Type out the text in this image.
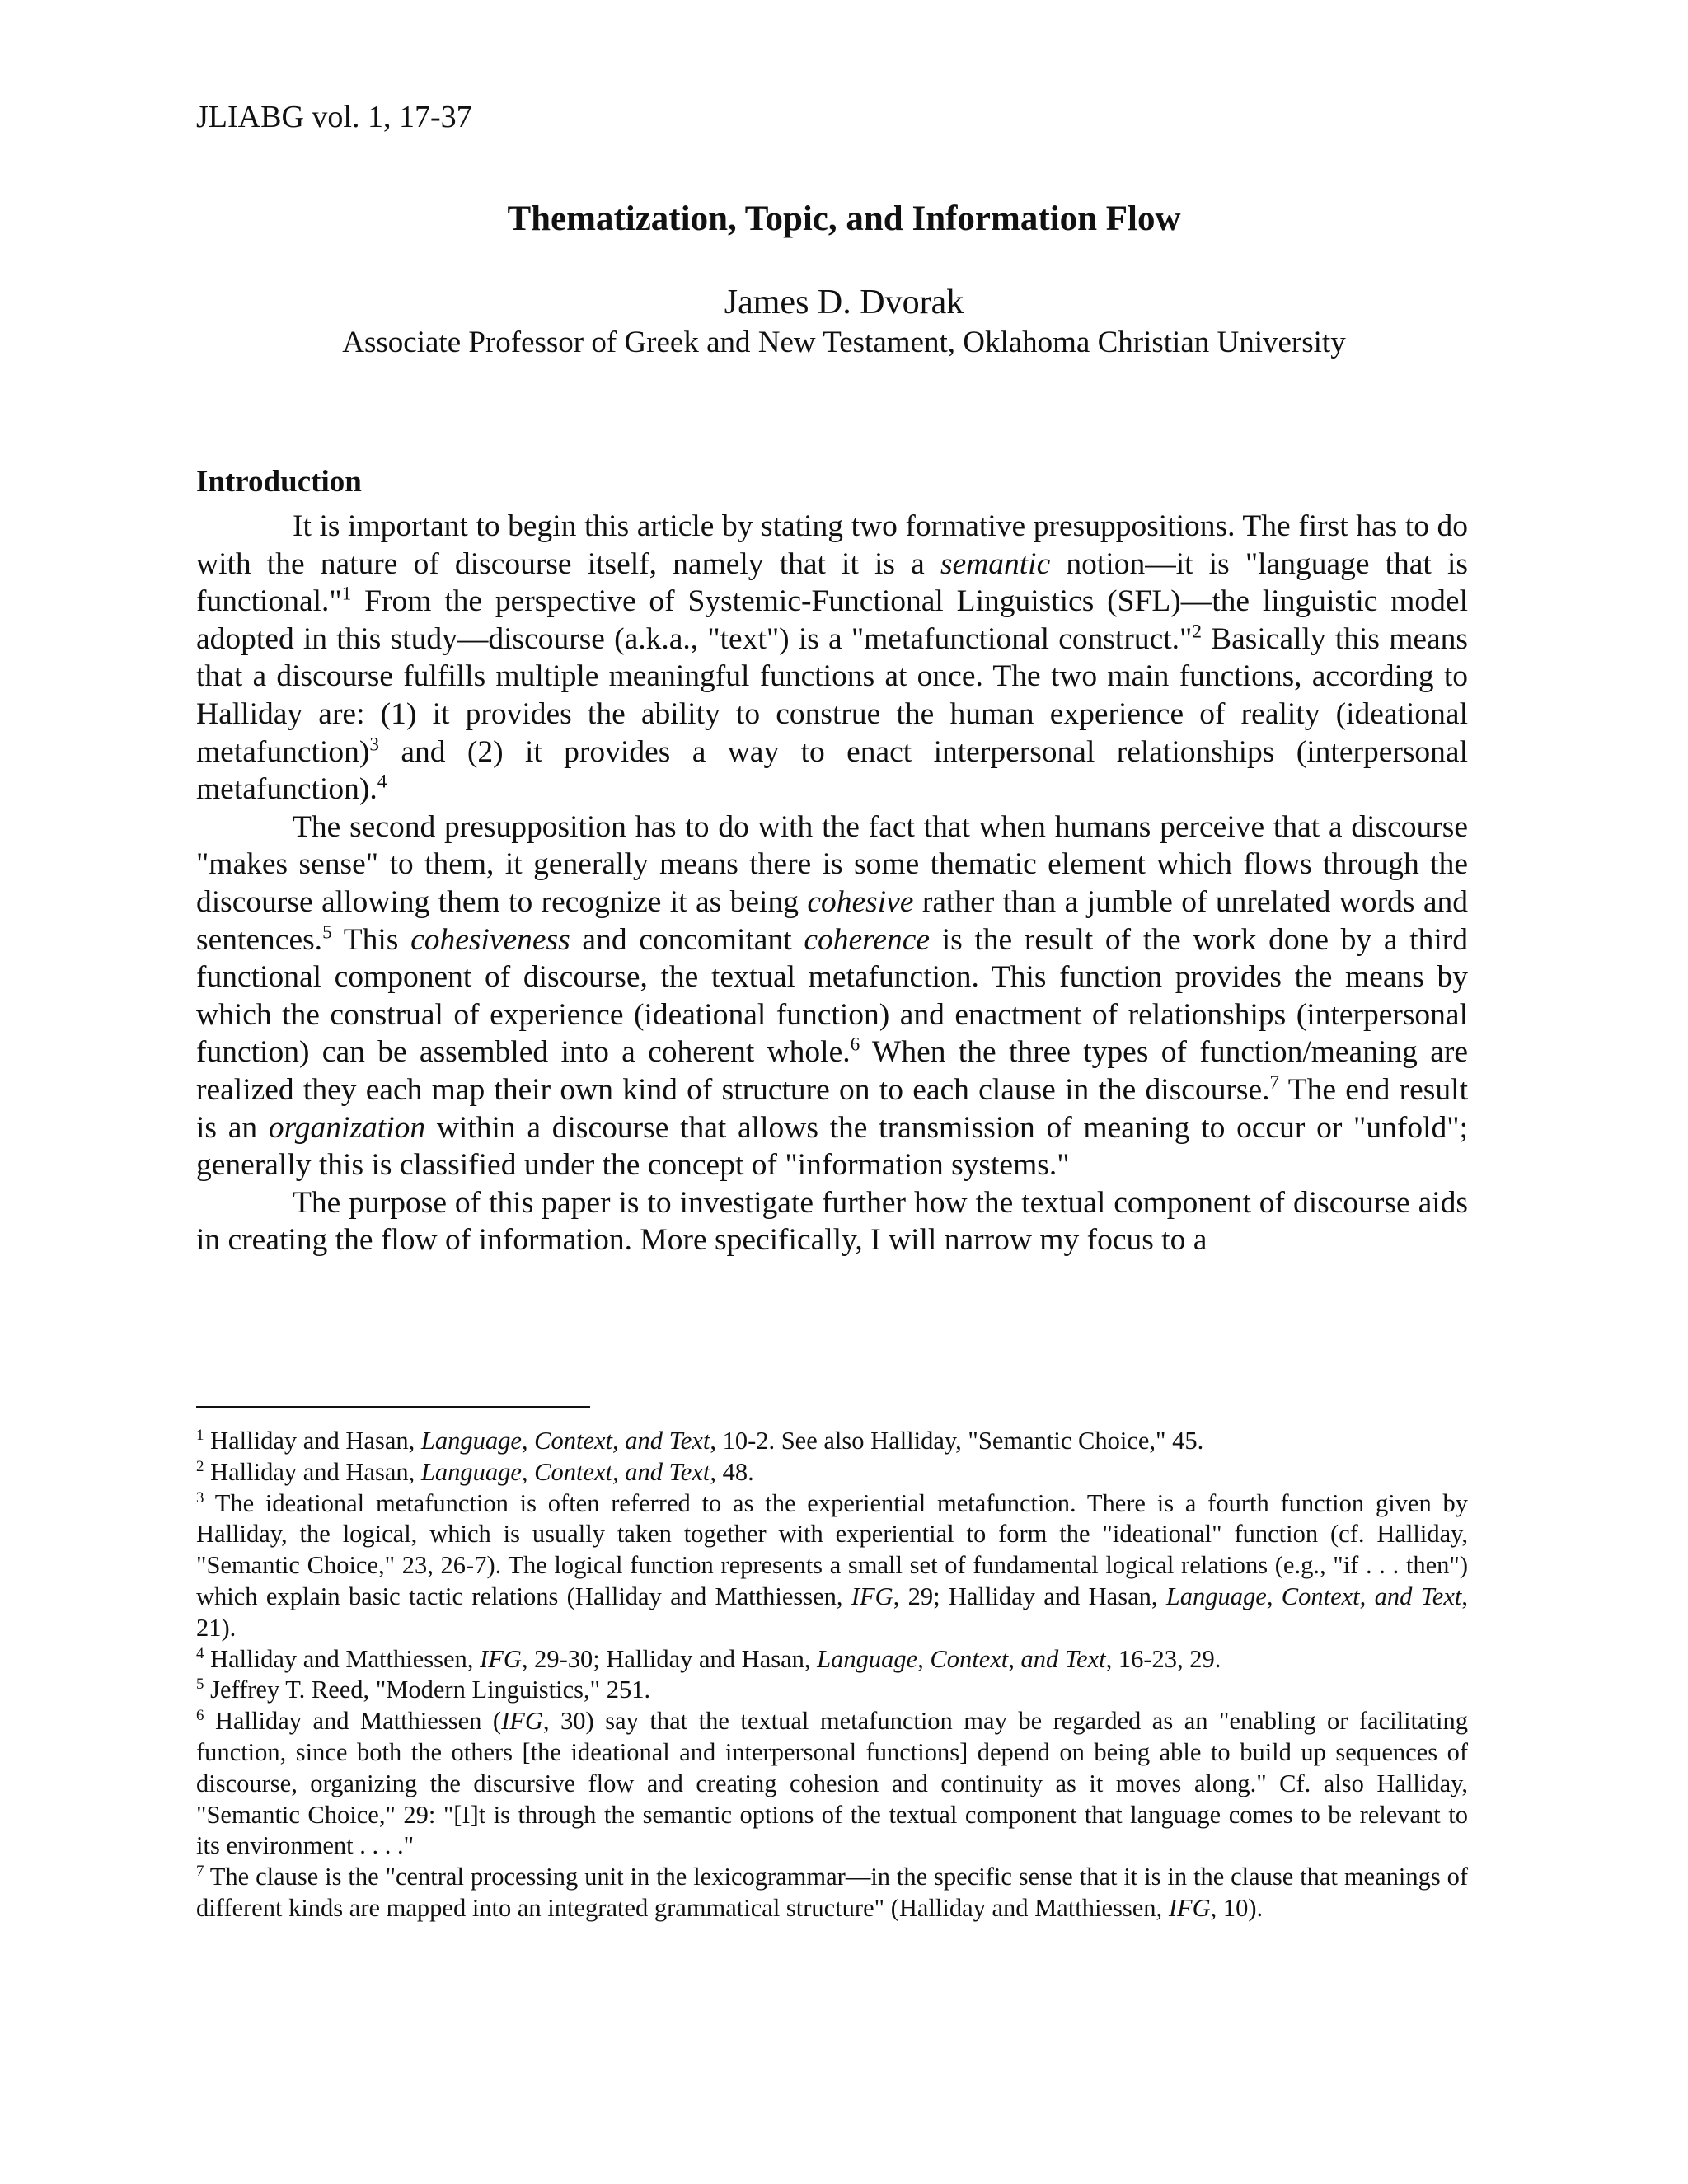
JLIABG vol. 1, 17-37
Thematization, Topic, and Information Flow
James D. Dvorak
Associate Professor of Greek and New Testament, Oklahoma Christian University
Introduction

It is important to begin this article by stating two formative presuppositions. The first has to do with the nature of discourse itself, namely that it is a semantic notion—it is "language that is functional."$^1$ From the perspective of Systemic-Functional Linguistics (SFL)—the linguistic model adopted in this study—discourse (a.k.a., "text") is a "metafunctional construct."$^2$ Basically this means that a discourse fulfills multiple meaningful functions at once. The two main functions, according to Halliday are: (1) it provides the ability to construe the human experience of reality (ideational metafunction)$^3$ and (2) it provides a way to enact interpersonal relationships (interpersonal metafunction).$^4$

The second presupposition has to do with the fact that when humans perceive that a discourse "makes sense" to them, it generally means there is some thematic element which flows through the discourse allowing them to recognize it as being cohesive rather than a jumble of unrelated words and sentences.$^5$ This cohesiveness and concomitant coherence is the result of the work done by a third functional component of discourse, the textual metafunction. This function provides the means by which the construal of experience (ideational function) and enactment of relationships (interpersonal function) can be assembled into a coherent whole.$^6$ When the three types of function/meaning are realized they each map their own kind of structure on to each clause in the discourse.$^7$ The end result is an organization within a discourse that allows the transmission of meaning to occur or "unfold"; generally this is classified under the concept of "information systems."

The purpose of this paper is to investigate further how the textual component of discourse aids in creating the flow of information. More specifically, I will narrow my focus to a

$^1$ Halliday and Hasan, Language, Context, and Text, 10-2. See also Halliday, "Semantic Choice," 45.

$^2$ Halliday and Hasan, Language, Context, and Text, 48.

$^3$ The ideational metafunction is often referred to as the experiential metafunction. There is a fourth function given by Halliday, the logical, which is usually taken together with experiential to form the "ideational" function (cf. Halliday, "Semantic Choice," 23, 26-7). The logical function represents a small set of fundamental logical relations (e.g., "if . . . then") which explain basic tactic relations (Halliday and Matthiessen, IFG, 29; Halliday and Hasan, Language, Context, and Text, 21).

$^4$ Halliday and Matthiessen, IFG, 29-30; Halliday and Hasan, Language, Context, and Text, 16-23, 29.

$^5$ Jeffrey T. Reed, "Modern Linguistics," 251.

$^6$ Halliday and Matthiessen (IFG, 30) say that the textual metafunction may be regarded as an "enabling or facilitating function, since both the others [the ideational and interpersonal functions] depend on being able to build up sequences of discourse, organizing the discursive flow and creating cohesion and continuity as it moves along." Cf. also Halliday, "Semantic Choice," 29: "[I]t is through the semantic options of the textual component that language comes to be relevant to its environment . . . ."

$^7$ The clause is the "central processing unit in the lexicogrammar—in the specific sense that it is in the clause that meanings of different kinds are mapped into an integrated grammatical structure" (Halliday and Matthiessen, IFG, 10).
